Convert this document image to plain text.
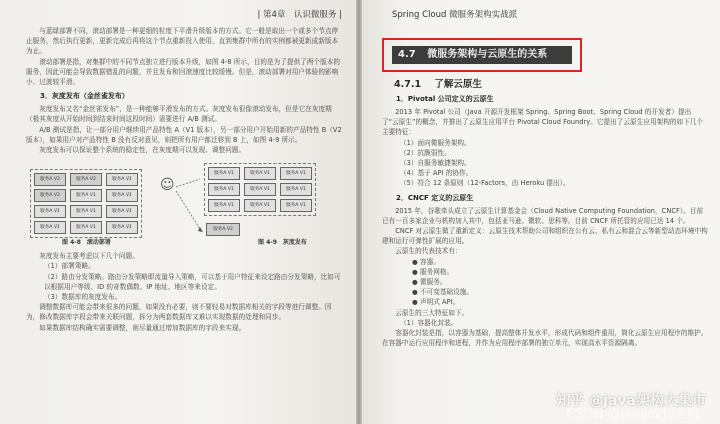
| 第4章　认识微服务 |

与蓝绿部署不同，滚动部署是一种更细的粒度下平滑升级版本的方式。它一般是取出一个或多个节点停止服务，然后执行更新，更新完成后再将这个节点重新投入使用，直到集群中所有的实例都被更新成新版本为止。

滚动部署是指，对集群中的不同节点独立进行版本升级，如图 4-8 所示，目的是为了提供了两个版本的服务，因此可能会导致数据错乱的问题，并且发布和回滚速度比较缓慢。但是，滚动部署对用户体验的影响小、过渡较平滑。

3．灰度发布（金丝雀发布）

灰度发布又名“金丝雀发布”，是一种能够平滑发布的方式。灰度发布很像滚动发布，但是它在灰度期（极其灰度从开始时间到结束时间这段时间）需要进行 A/B 测试。

A/B 测试是指，让一部分用户继续用产品特性 A（V1 版本），另一部分用户开始用新的产品特性 B（V2 版本），如果用户对产品特性 B 没有反对意见，则把所有用户都迁移到 B 上，如图 4-9 所示。

灰度发布可以保证整个系统的稳定性，在灰度期可以发现、调整问题。

服务A V2	服务A V2	服务A V1
服务A V2	服务A V1	服务A V1
服务A V1	服务A V1	服务A V1
服务A V1	服务A V1	服务A V1
图 4-8　滚动部署
☺
服务A V1	服务A V1	服务A V1
服务A V1	服务A V1	服务A V1
服务A V1	服务A V1	服务A V1
服务A V2
图 4-9　灰度发布

灰度发布主要考虑以下几个问题。

（1）部署策略。
（2）路由分发策略。路由分发策略即流量导入策略，可以基于用户特征来设定路由分发策略，比如可以根据用户等级、ID 的奇数偶数、IP 地址、地区等来设定。
（3）数据库的灰度发布。

调整数据库可能会带来很多的问题，如果没有必要，则不要轻易对数据库相关的字段等进行调整。因为，修改数据库字段会带来关联问题，拆分为两套数据库又难以实现数据的处理和同步。

如果数据库结构确实需要调整，则尽量通过增加数据库的字段来实现。

Spring Cloud 微服务架构实战派
4.7 微服务架构与云原生的关系
4.7.1 了解云原生
1．Pivotal 公司定义的云原生

2013 年 Pivotal 公司（Java 开源开发框架 Spring、Spring Boot、Spring Cloud 的开发者）提出了“云原生”的概念，并推出了云原生应用平台 Pivotal Cloud Foundry。它提出了云原生应用架构的如下几个主要特征：

（1）面向微服务架构。
（2）抗脆弱性。
（3）自服务敏捷架构。
（4）基于 API 的协作。
（5）符合 12 条原则（12-Factors，由 Heroku 提出）。
2．CNCF 定义的云原生

2015 年，谷歌牵头成立了云原生计算基金会（Cloud Native Computing Foundation，CNCF）。目前已有一百多家企业与机构加入其中，包括亚马逊、微软、思科等。目前 CNCF 所托管的应用已达 14 个。

CNCF 对云原生做了重新定义：云原生技术帮助公司和组织在公有云、私有云和混合云等新型动态环境中构建和运行可弹性扩展的应用。

云原生的代表技术有：

● 容器。
● 服务网格。
● 微服务。
● 不可变基础设施。
● 声明式 API。

云原生的三大特征如下。

（1）容器化封装。

容器化封装是指，以容器为基础，提高整体开发水平，形成代码和组件重用，简化云原生应用程序的维护。在容器中运行应用程序和进程，并作为应用程序部署的独立单元，实现高水平资源隔离。

知乎 @java架构大集市
CSDN @Java成长之路
